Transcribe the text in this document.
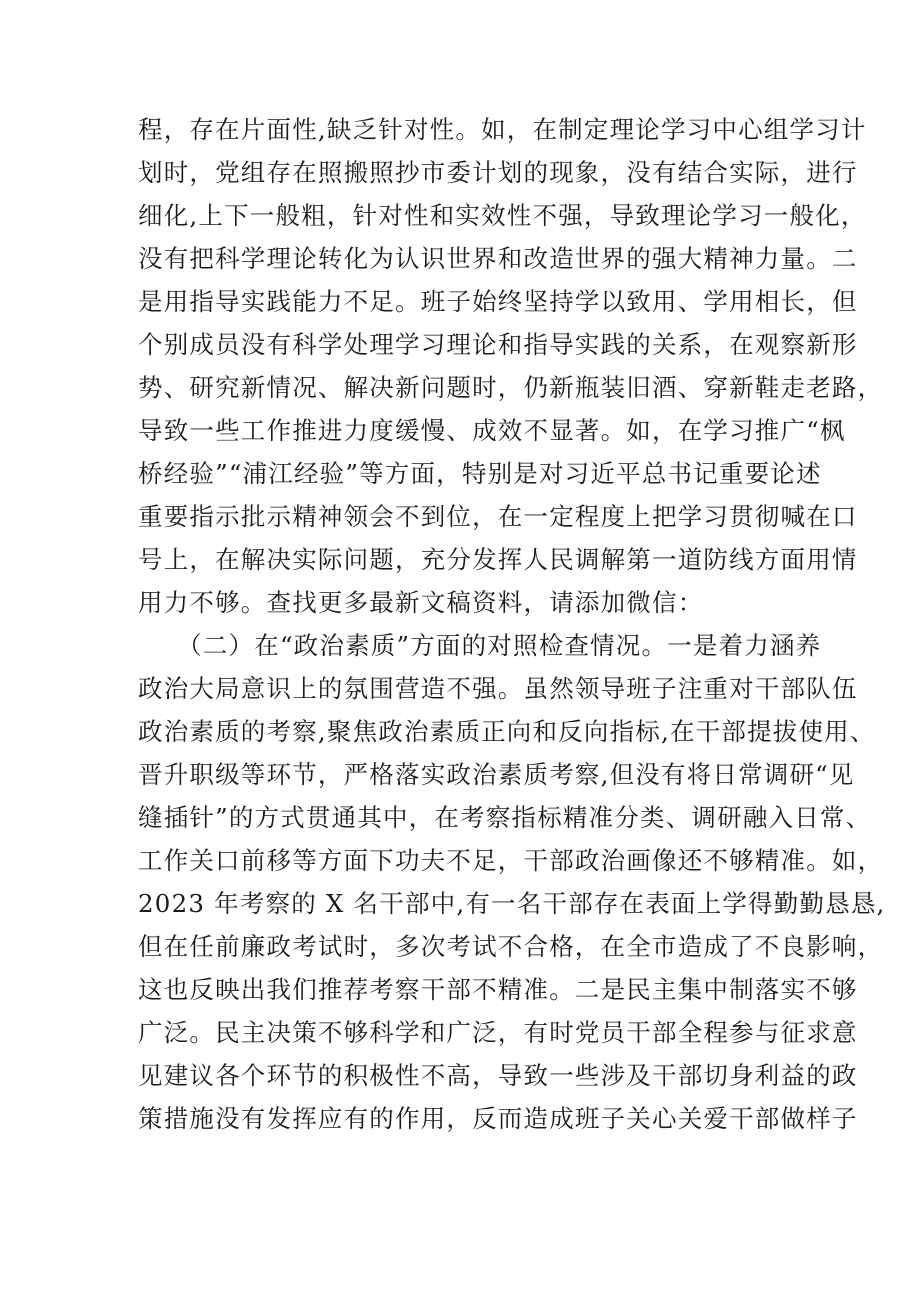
程，存在片面性,缺乏针对性。如，在制定理论学习中心组学习计
划时，党组存在照搬照抄市委计划的现象，没有结合实际，进行
细化,上下一般粗，针对性和实效性不强，导致理论学习一般化，
没有把科学理论转化为认识世界和改造世界的强大精神力量。二
是用指导实践能力不足。班子始终坚持学以致用、学用相长，但
个别成员没有科学处理学习理论和指导实践的关系，在观察新形
势、研究新情况、解决新问题时，仍新瓶装旧酒、穿新鞋走老路，
导致一些工作推进力度缓慢、成效不显著。如，在学习推广“枫
桥经验”“浦江经验”等方面，特别是对习近平总书记重要论述
重要指示批示精神领会不到位，在一定程度上把学习贯彻喊在口
号上，在解决实际问题，充分发挥人民调解第一道防线方面用情
用力不够。查找更多最新文稿资料，请添加微信：
　　（二）在“政治素质”方面的对照检查情况。一是着力涵养
政治大局意识上的氛围营造不强。虽然领导班子注重对干部队伍
政治素质的考察,聚焦政治素质正向和反向指标,在干部提拔使用、
晋升职级等环节，严格落实政治素质考察,但没有将日常调研“见
缝插针”的方式贯通其中，在考察指标精准分类、调研融入日常、
工作关口前移等方面下功夫不足，干部政治画像还不够精准。如，
2023 年考察的 X 名干部中,有一名干部存在表面上学得勤勤恳恳,
但在任前廉政考试时，多次考试不合格，在全市造成了不良影响，
这也反映出我们推荐考察干部不精准。二是民主集中制落实不够
广泛。民主决策不够科学和广泛，有时党员干部全程参与征求意
见建议各个环节的积极性不高，导致一些涉及干部切身利益的政
策措施没有发挥应有的作用，反而造成班子关心关爱干部做样子
